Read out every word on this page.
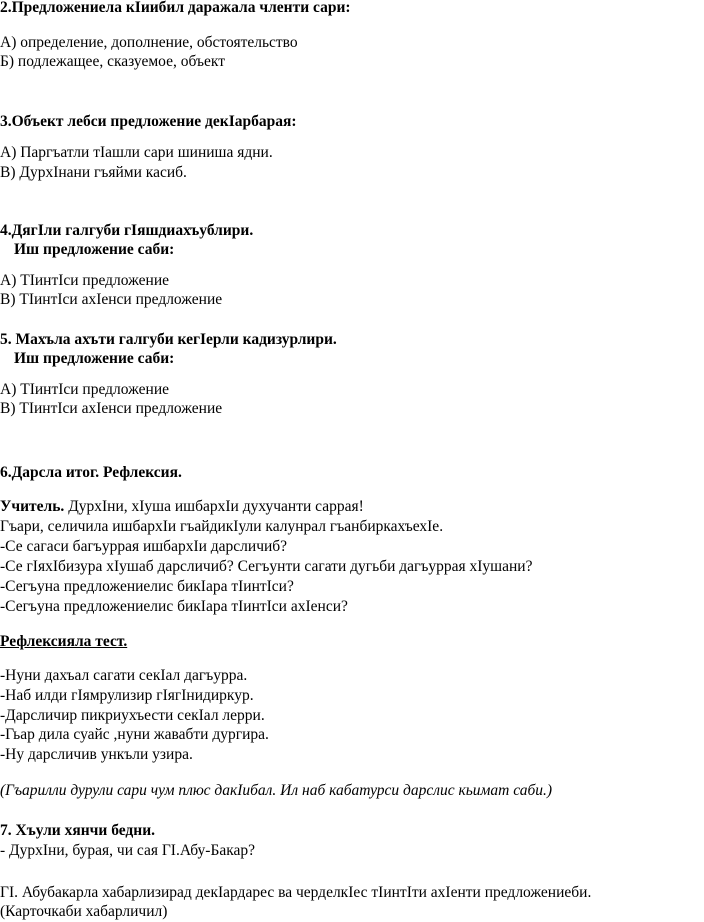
2.Предложениела кӀиибил даражала членти сари:
А) определение, дополнение, обстоятельство
Б) подлежащее, сказуемое, объект
3.Объект лебси предложение декӀарбарая:
А) Паргъатли тӀашли сари шиниша ядни.
В) ДурхӀнани гъяйми касиб.
4.ДягӀли галгуби гӀяшдиахъублири.
Иш предложение саби:
А) ТӀинтӀси предложение
В) ТӀинтӀси ахӀенси предложение
5. Махъла ахъти галгуби кегӀерли кадизурлири.
Иш предложение саби:
А) ТӀинтӀси предложение
В) ТӀинтӀси ахӀенси предложение
6.Дарсла итог. Рефлексия.
Учитель. ДурхӀни, хӀуша ишбархӀи духучанти саррая!
Гъари, селичила ишбархӀи гъайдикӀули калунрал гъанбиркахъехӀе.
-Се сагаси багъуррая ишбархӀи дарсличиб?
-Се гӀяхӀбизура хӀушаб дарсличиб? Сегъунти сагати дугьби дагъуррая хӀушани?
-Сегъуна предложениелис бикӀара тӀинтӀси?
-Сегъуна предложениелис бикӀара тӀинтӀси ахӀенси?
Рефлексияла тест.
-Нуни дахъал сагати секӀал дагъурра.
-Наб илди гӀямрулизир гӀягӀнидиркур.
-Дарсличир пикриухъести секӀал лерри.
-Гьар дила суайс ,нуни жавабти дургира.
-Ну дарсличив ункъли узира.
(Гъарилли дурули сари чум плюс дакӀибал. Ил наб кабатурси дарслис кьимат саби.)
7. Хъули хянчи бедни.
- ДурхӀни, бурая, чи сая ГӀ.Абу-Бакар?
ГӀ. Абубакарла хабарлизирад декӀардарес ва черделкӀес тӀинтӀти ахӀенти предложениеби.
(Карточкаби хабарличил)
